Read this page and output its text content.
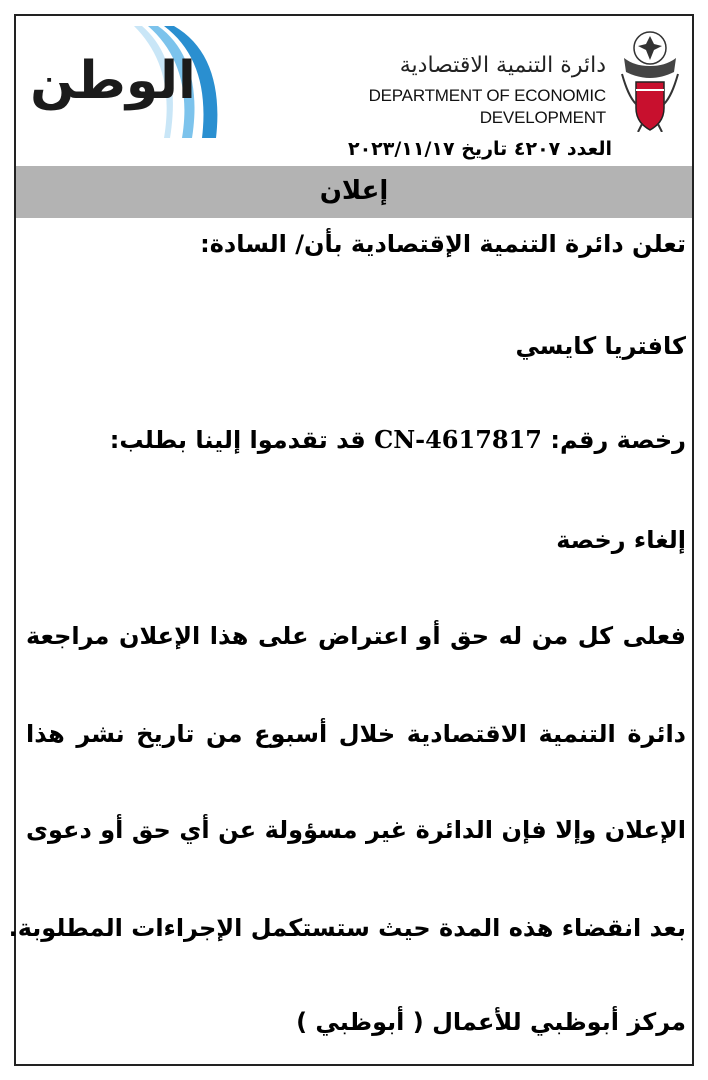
الوطن	دائرة التنمية الاقتصادية
DEPARTMENT OF ECONOMIC DEVELOPMENT
العدد ٤٢٠٧ تاريخ ٢٠٢٣/١١/١٧
إعلان
تعلن دائرة التنمية الإقتصادية بأن/ السادة:
كافتريا كايسي
رخصة رقم: CN-4617817 قد تقدموا إلينا بطلب:
إلغاء رخصة
فعلى كل من له حق أو اعتراض على هذا الإعلان مراجعة
دائرة التنمية الاقتصادية خلال أسبوع من تاريخ نشر هذا
الإعلان وإلا فإن الدائرة غير مسؤولة عن أي حق أو دعوى
بعد انقضاء هذه المدة حيث ستستكمل الإجراءات المطلوبة.
مركز أبوظبي للأعمال ( أبوظبي )
